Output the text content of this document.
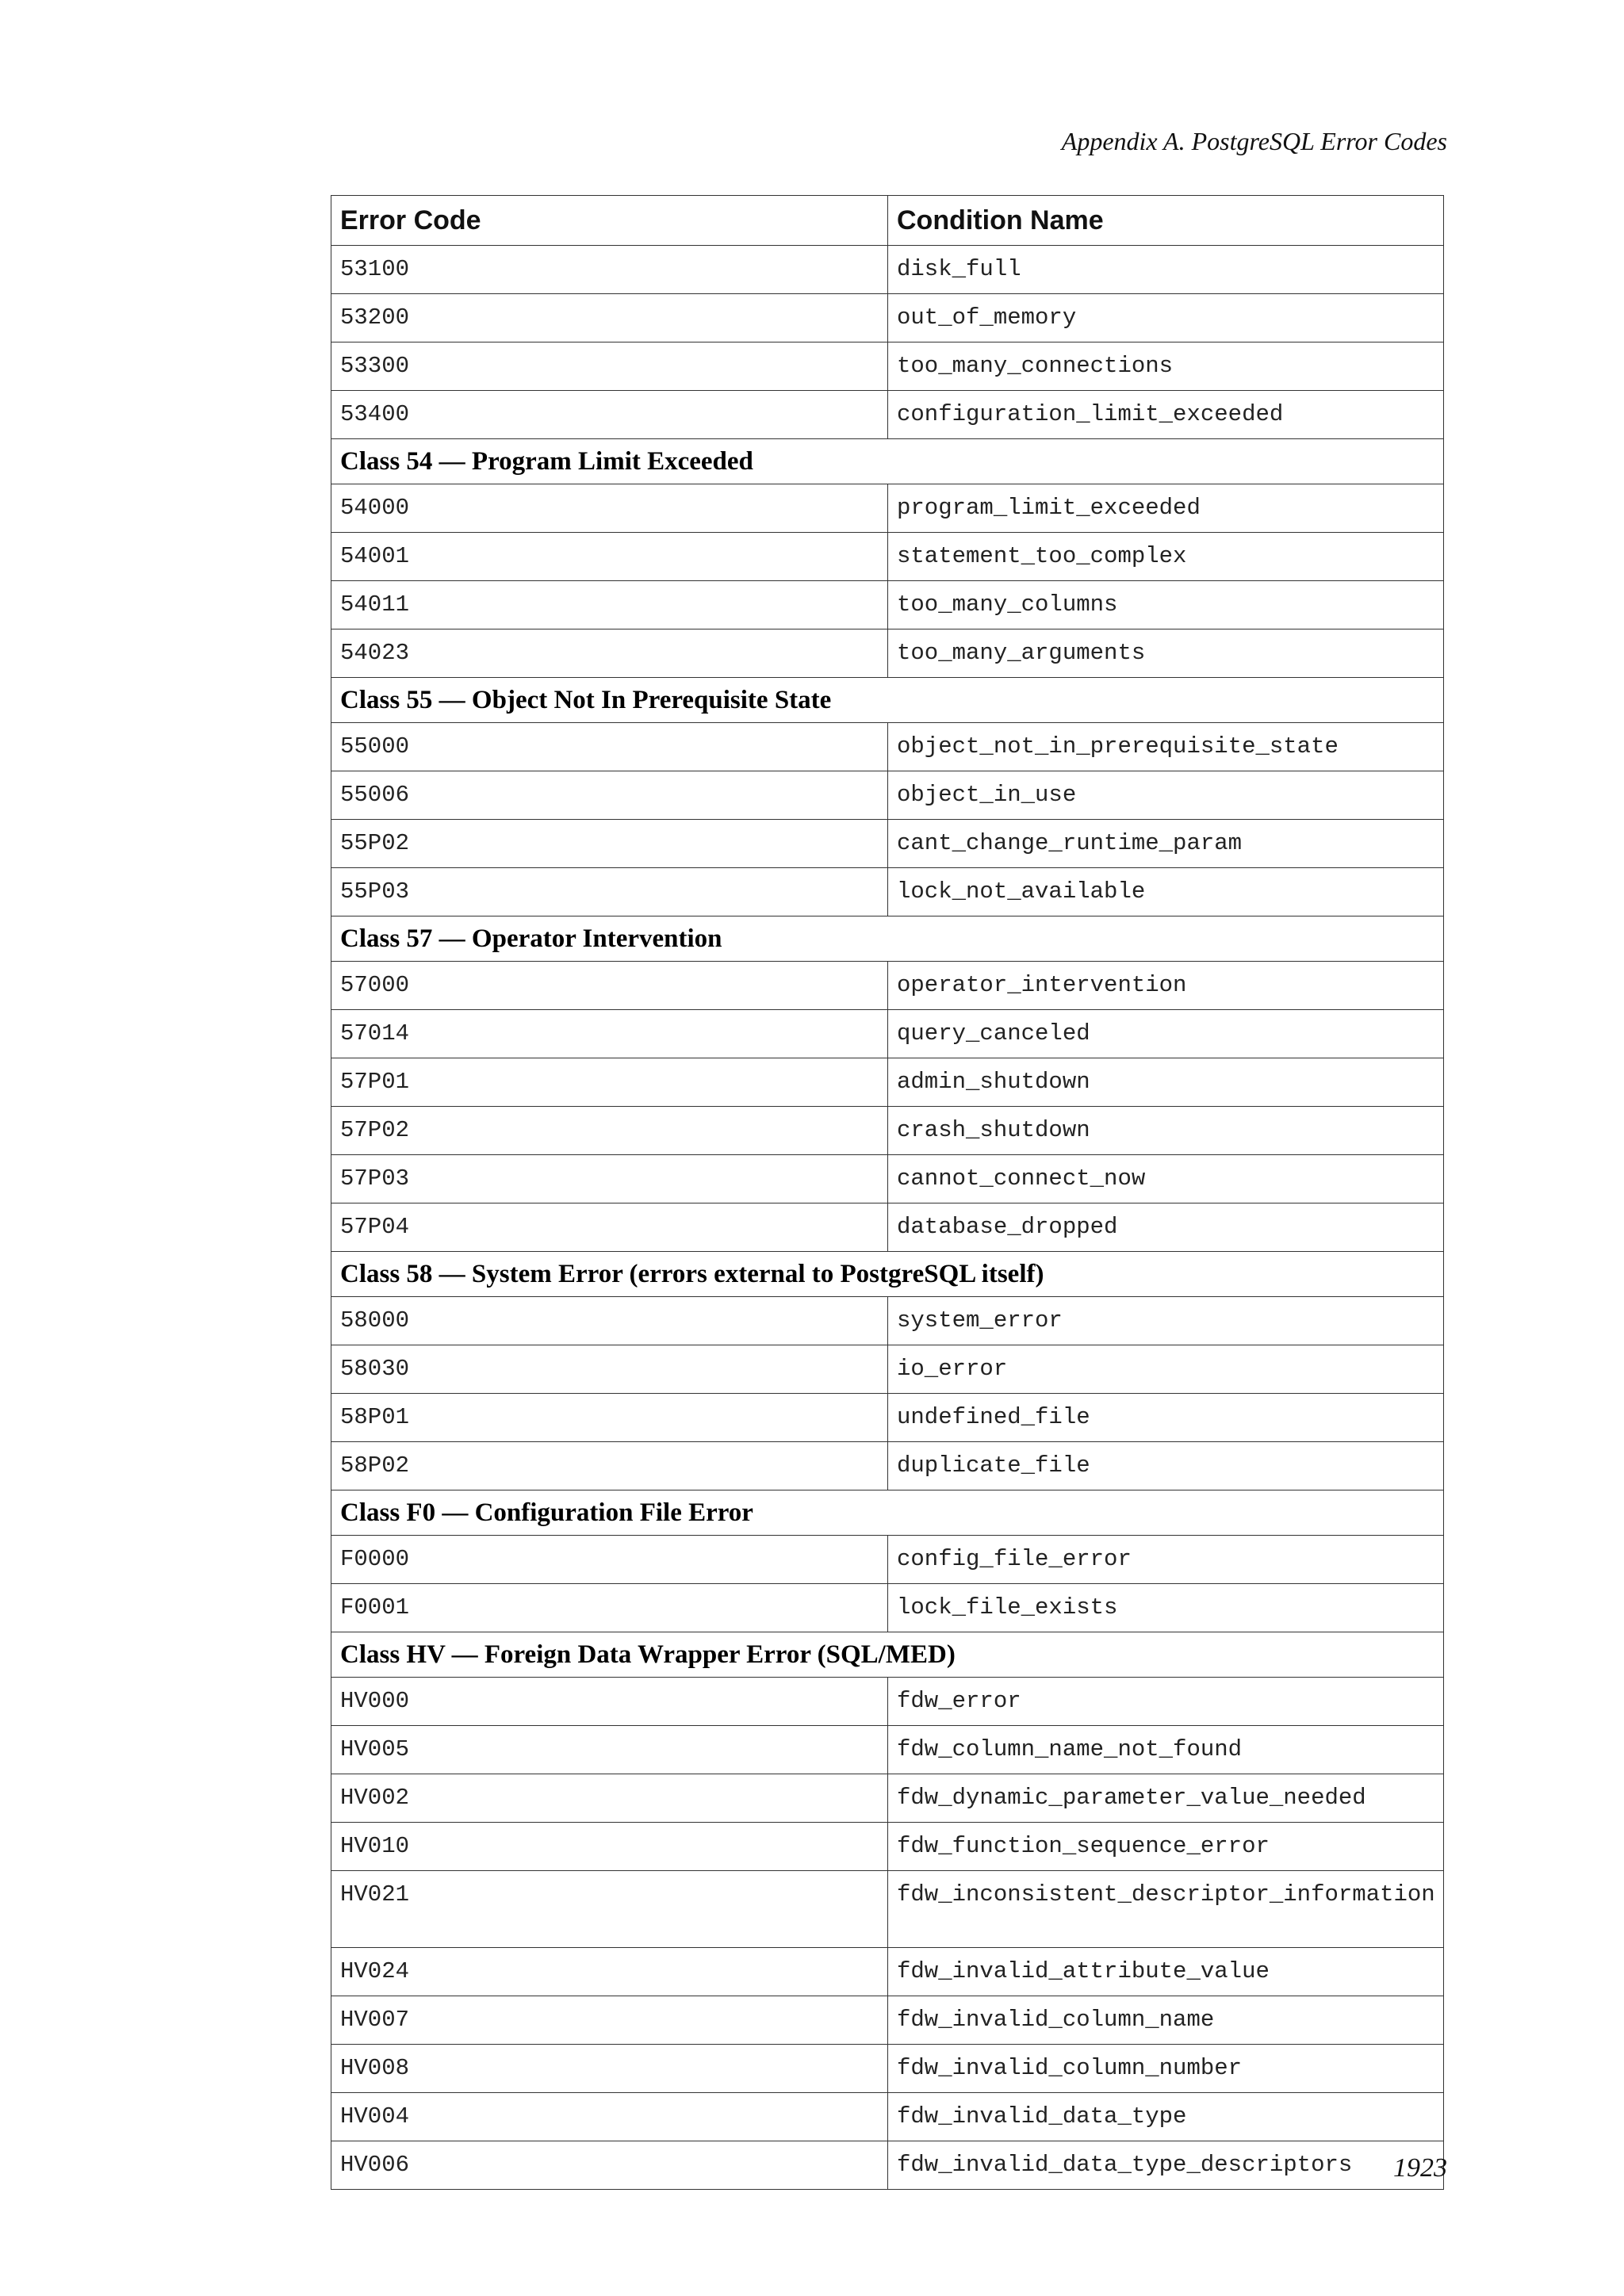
Appendix A. PostgreSQL Error Codes
Error Code	Condition Name
53100	disk_full
53200	out_of_memory
53300	too_many_connections
53400	configuration_limit_exceeded
Class 54 — Program Limit Exceeded	
54000	program_limit_exceeded
54001	statement_too_complex
54011	too_many_columns
54023	too_many_arguments
Class 55 — Object Not In Prerequisite State	
55000	object_not_in_prerequisite_state
55006	object_in_use
55P02	cant_change_runtime_param
55P03	lock_not_available
Class 57 — Operator Intervention	
57000	operator_intervention
57014	query_canceled
57P01	admin_shutdown
57P02	crash_shutdown
57P03	cannot_connect_now
57P04	database_dropped
Class 58 — System Error (errors external to PostgreSQL itself)	
58000	system_error
58030	io_error
58P01	undefined_file
58P02	duplicate_file
Class F0 — Configuration File Error	
F0000	config_file_error
F0001	lock_file_exists
Class HV — Foreign Data Wrapper Error (SQL/MED)	
HV000	fdw_error
HV005	fdw_column_name_not_found
HV002	fdw_dynamic_parameter_value_needed
HV010	fdw_function_sequence_error
HV021	fdw_inconsistent_descriptor_information
HV024	fdw_invalid_attribute_value
HV007	fdw_invalid_column_name
HV008	fdw_invalid_column_number
HV004	fdw_invalid_data_type
HV006	fdw_invalid_data_type_descriptors 1923
